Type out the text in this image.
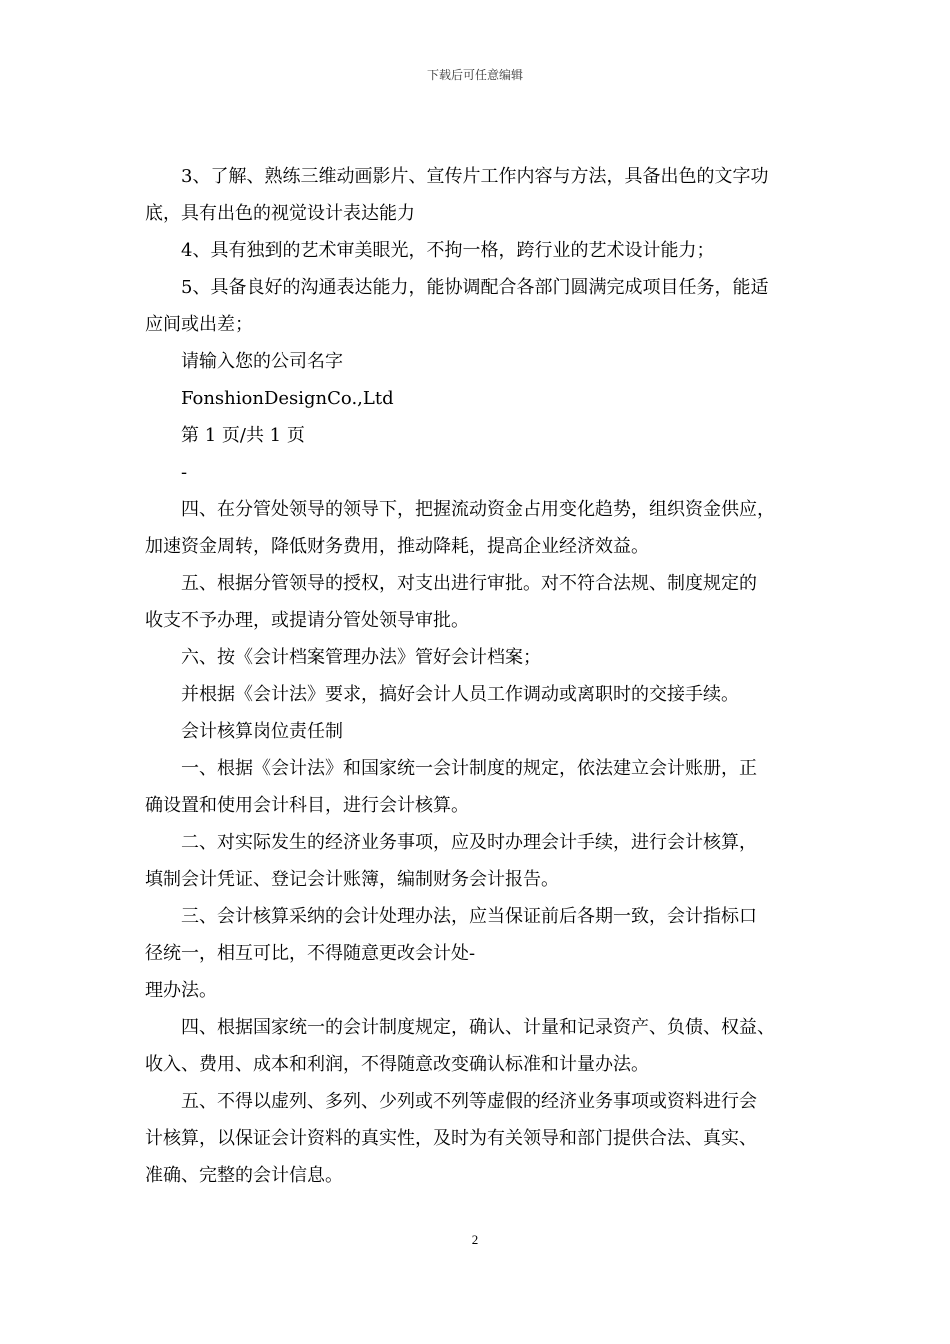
下载后可任意编辑
3、了解、熟练三维动画影片、宣传片工作内容与方法，具备出色的文字功
底，具有出色的视觉设计表达能力
4、具有独到的艺术审美眼光，不拘一格，跨行业的艺术设计能力；
5、具备良好的沟通表达能力，能协调配合各部门圆满完成项目任务，能适
应间或出差；
请输入您的公司名字
FonshionDesignCo.,Ltd
第 1 页/共 1 页
-
四、在分管处领导的领导下，把握流动资金占用变化趋势，组织资金供应，
加速资金周转，降低财务费用，推动降耗，提高企业经济效益。
五、根据分管领导的授权，对支出进行审批。对不符合法规、制度规定的
收支不予办理，或提请分管处领导审批。
六、按《会计档案管理办法》管好会计档案；
并根据《会计法》要求，搞好会计人员工作调动或离职时的交接手续。
会计核算岗位责任制
一、根据《会计法》和国家统一会计制度的规定，依法建立会计账册，正
确设置和使用会计科目，进行会计核算。
二、对实际发生的经济业务事项，应及时办理会计手续，进行会计核算，
填制会计凭证、登记会计账簿，编制财务会计报告。
三、会计核算采纳的会计处理办法，应当保证前后各期一致，会计指标口
径统一，相互可比，不得随意更改会计处-
理办法。
四、根据国家统一的会计制度规定，确认、计量和记录资产、负债、权益、
收入、费用、成本和利润，不得随意改变确认标准和计量办法。
五、不得以虚列、多列、少列或不列等虚假的经济业务事项或资料进行会
计核算，以保证会计资料的真实性，及时为有关领导和部门提供合法、真实、
准确、完整的会计信息。
2
